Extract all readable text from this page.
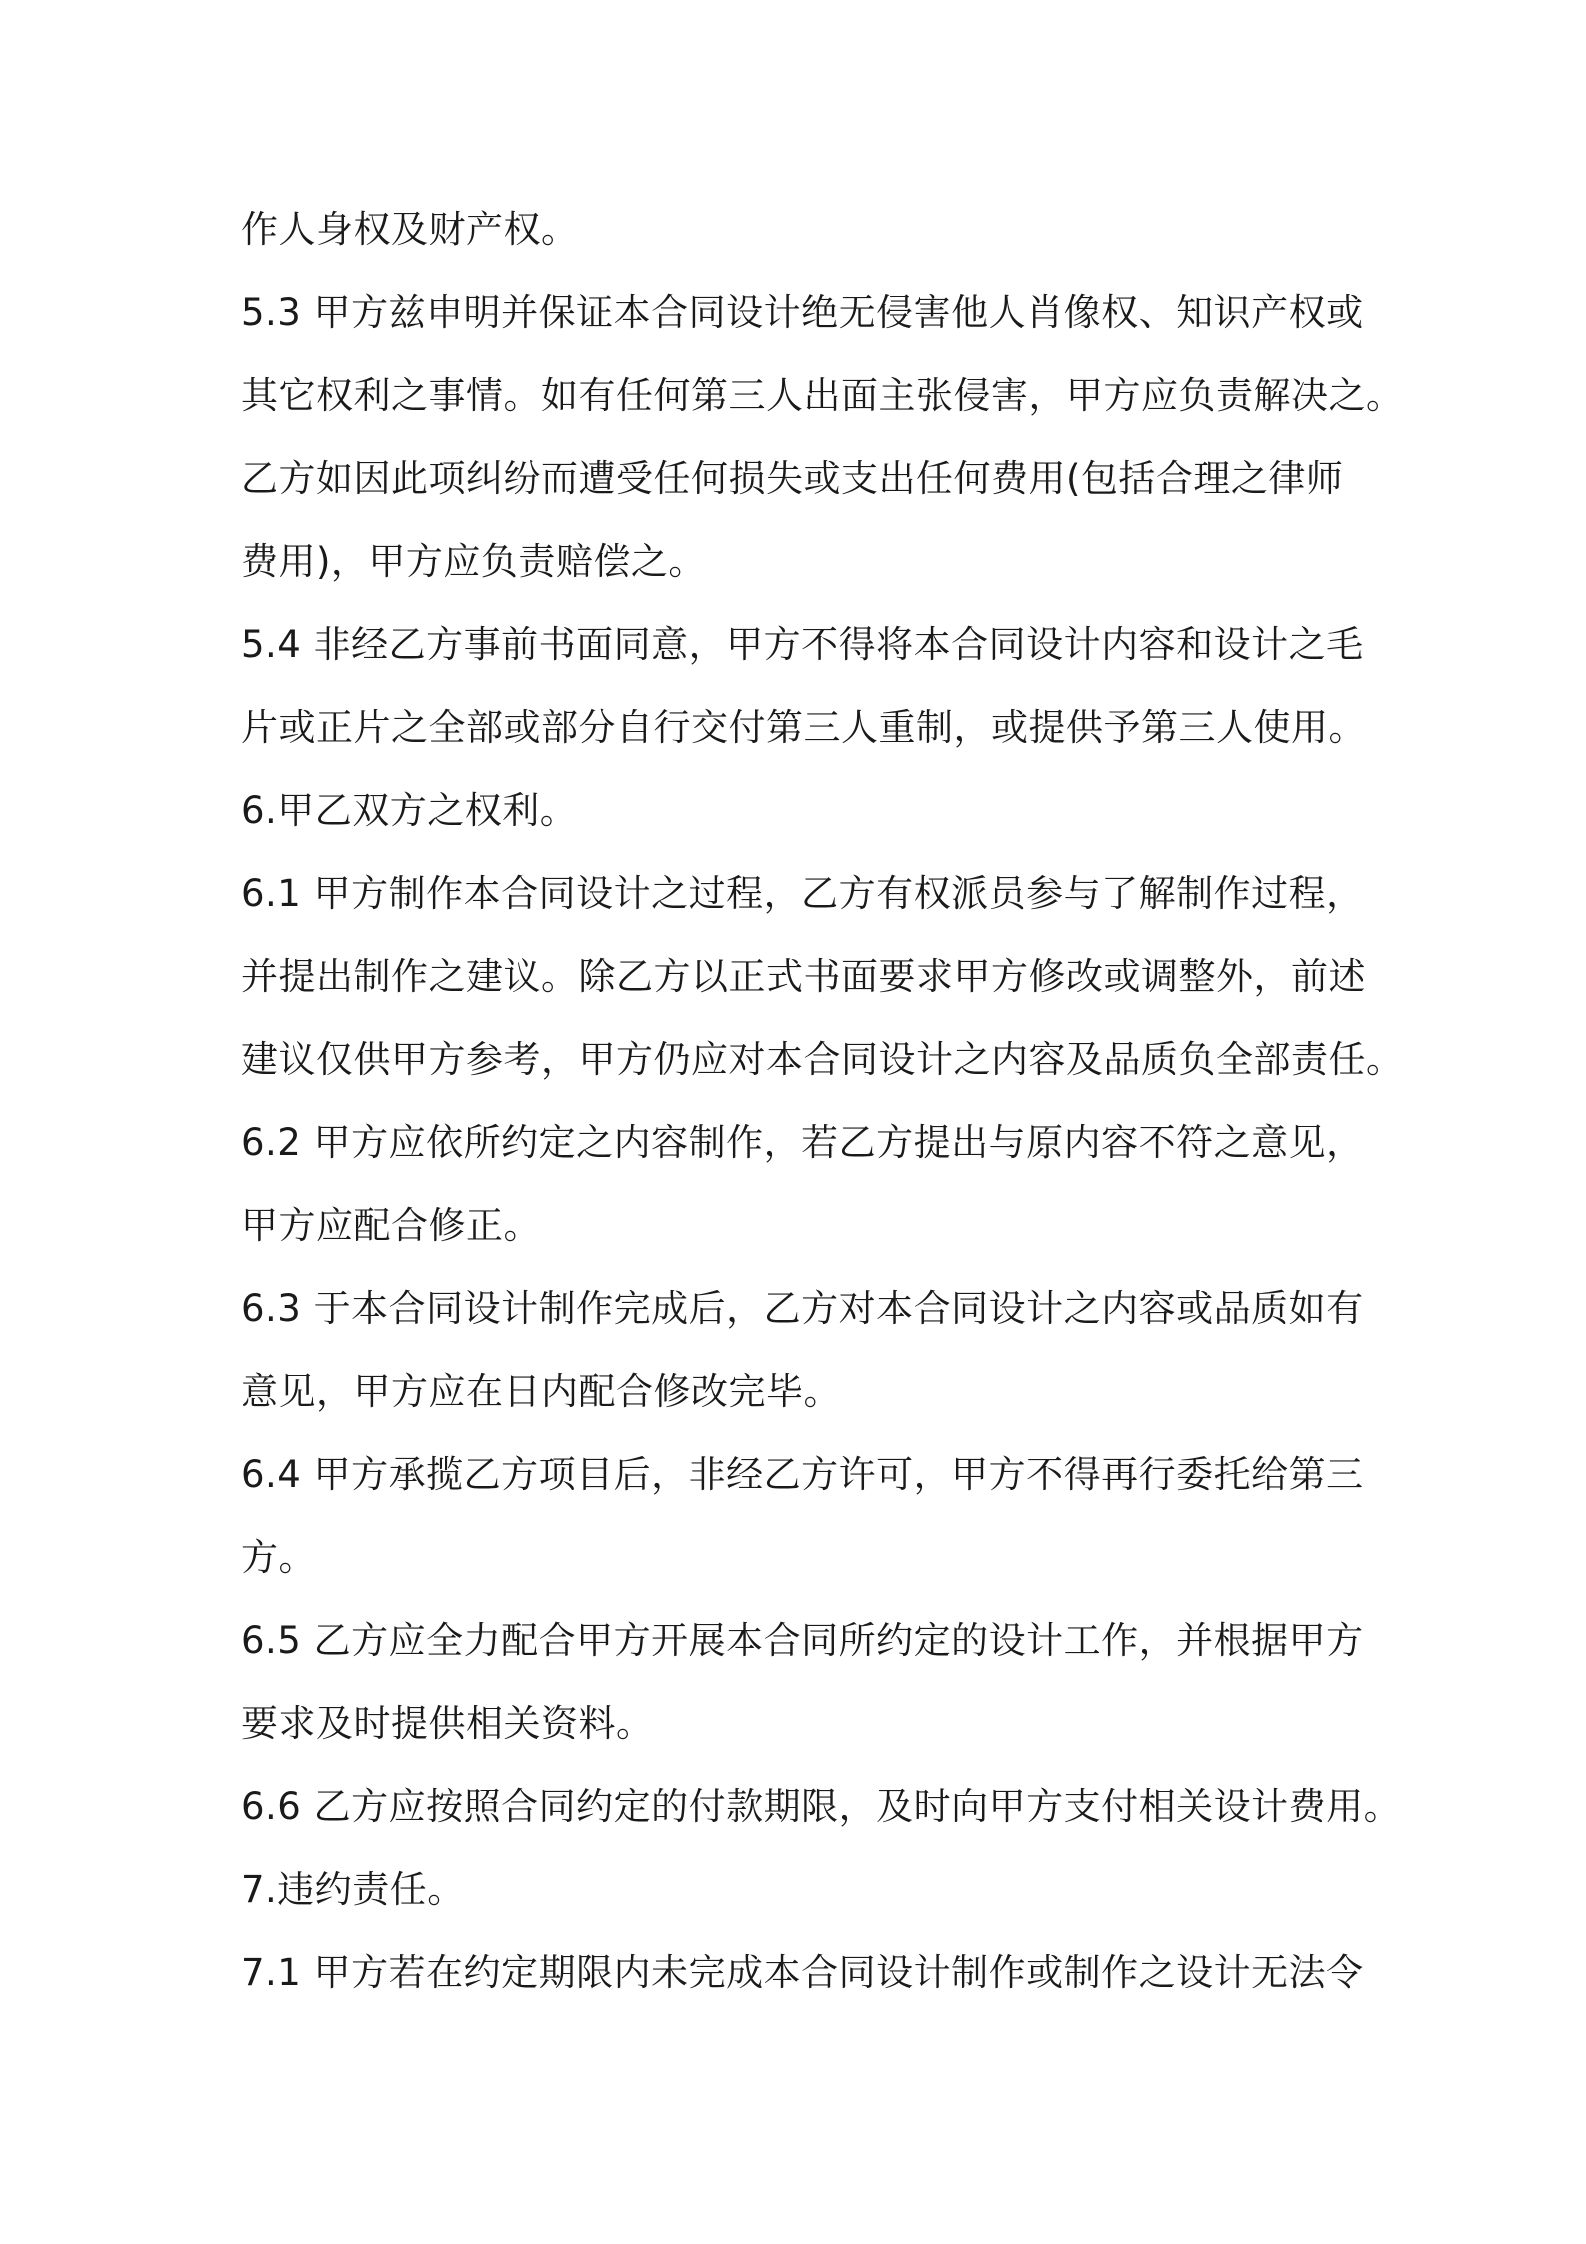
作人身权及财产权。

5.3 甲方兹申明并保证本合同设计绝无侵害他人肖像权、知识产权或

其它权利之事情。如有任何第三人出面主张侵害，甲方应负责解决之。

乙方如因此项纠纷而遭受任何损失或支出任何费用(包括合理之律师

费用)，甲方应负责赔偿之。

5.4 非经乙方事前书面同意，甲方不得将本合同设计内容和设计之毛

片或正片之全部或部分自行交付第三人重制，或提供予第三人使用。

6.甲乙双方之权利。

6.1 甲方制作本合同设计之过程，乙方有权派员参与了解制作过程，

并提出制作之建议。除乙方以正式书面要求甲方修改或调整外，前述

建议仅供甲方参考，甲方仍应对本合同设计之内容及品质负全部责任。

6.2 甲方应依所约定之内容制作，若乙方提出与原内容不符之意见，

甲方应配合修正。

6.3 于本合同设计制作完成后，乙方对本合同设计之内容或品质如有

意见，甲方应在日内配合修改完毕。

6.4 甲方承揽乙方项目后，非经乙方许可，甲方不得再行委托给第三

方。

6.5 乙方应全力配合甲方开展本合同所约定的设计工作，并根据甲方

要求及时提供相关资料。

6.6 乙方应按照合同约定的付款期限，及时向甲方支付相关设计费用。

7.违约责任。

7.1 甲方若在约定期限内未完成本合同设计制作或制作之设计无法令
